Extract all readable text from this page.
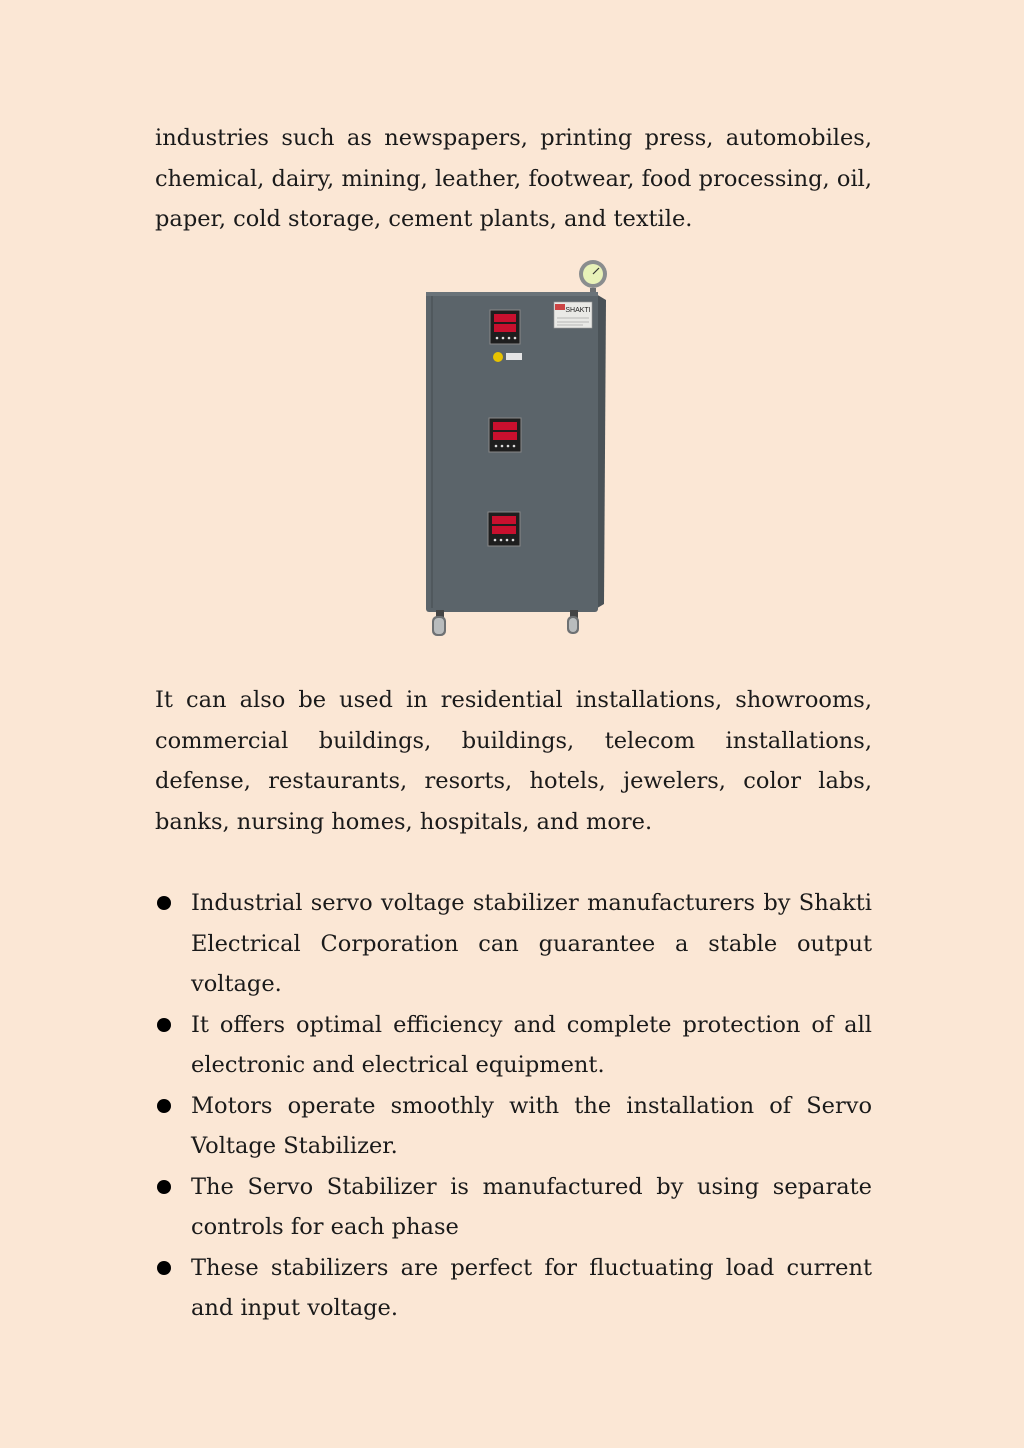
industries such as newspapers, printing press, automobiles, chemical, dairy, mining, leather, footwear, food processing, oil, paper, cold storage, cement plants, and textile.

SHAKTI

It can also be used in residential installations, showrooms, commercial buildings, buildings, telecom installations, defense, restaurants, resorts, hotels, jewelers, color labs, banks, nursing homes, hospitals, and more.

Industrial servo voltage stabilizer manufacturers by Shakti Electrical Corporation can guarantee a stable output voltage.
It offers optimal efficiency and complete protection of all electronic and electrical equipment.
Motors operate smoothly with the installation of Servo Voltage Stabilizer.
The Servo Stabilizer is manufactured by using separate controls for each phase
These stabilizers are perfect for fluctuating load current and input voltage.
